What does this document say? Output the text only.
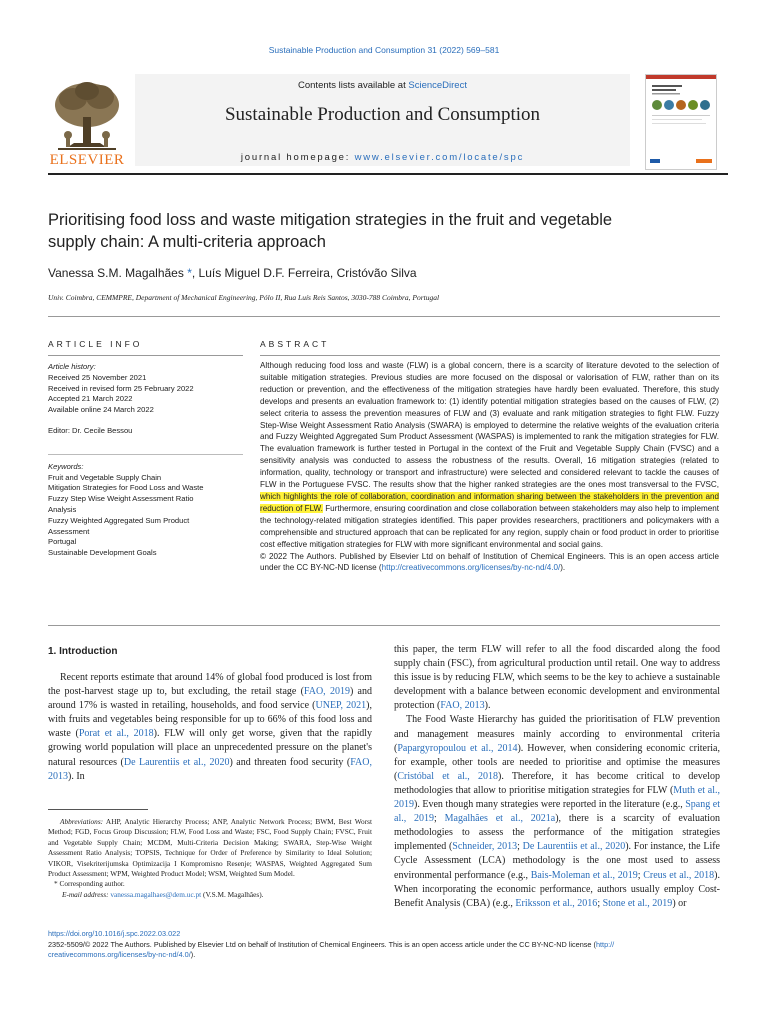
Sustainable Production and Consumption 31 (2022) 569–581
ELSEVIER
Contents lists available at ScienceDirect
Sustainable Production and Consumption
journal homepage: www.elsevier.com/locate/spc
Prioritising food loss and waste mitigation strategies in the fruit and vegetable supply chain: A multi-criteria approach
Vanessa S.M. Magalhães *, Luís Miguel D.F. Ferreira, Cristóvão Silva
Univ. Coimbra, CEMMPRE, Department of Mechanical Engineering, Pólo II, Rua Luís Reis Santos, 3030-788 Coimbra, Portugal
ARTICLE INFO	ABSTRACT
Article history:
Received 25 November 2021
Received in revised form 25 February 2022
Accepted 21 March 2022
Available online 24 March 2022
Editor: Dr. Cecile Bessou
Keywords:
Fruit and Vegetable Supply Chain
Mitigation Strategies for Food Loss and Waste
Fuzzy Step Wise Weight Assessment Ratio Analysis
Fuzzy Weighted Aggregated Sum Product Assessment
Portugal
Sustainable Development Goals
Although reducing food loss and waste (FLW) is a global concern, there is a scarcity of literature devoted to the selection of suitable mitigation strategies. Previous studies are more focused on the disposal or valorisation of FLW, rather than on its reduction or prevention, and the effectiveness of the mitigation strategies have hardly been evaluated. Therefore, this study develops and presents an evaluation framework to: (1) identify potential mitigation strategies based on the causes of FLW, (2) select criteria to assess the prevention measures of FLW and (3) evaluate and rank mitigation strategies to fight FLW. Fuzzy Step-Wise Weight Assessment Ratio Analysis (SWARA) is employed to determine the relative weights of the evaluation criteria and Fuzzy Weighted Aggregated Sum Product Assessment (WASPAS) is implemented to rank the mitigation strategies for FLW. The evaluation framework is further tested in Portugal in the context of the Fruit and Vegetable Supply Chain (FVSC) and a sensitivity analysis was conducted to assess the robustness of the results. Overall, 16 mitigation strategies (related to information, quality, technology or transport and infrastructure) were selected and considered relevant to tackle the causes of FLW in the Portuguese FVSC. The results show that the higher ranked strategies are the ones most transversal to the FVSC, which highlights the role of collaboration, coordination and information sharing between the stakeholders in the prevention and reduction of FLW. Furthermore, ensuring coordination and close collaboration between stakeholders may also help to implement the technology-related mitigation strategies identified. This paper provides researchers, practitioners and policymakers with a comprehensible and structured approach that can be replicated for any region, supply chain or food product in order to prioritise cost effective mitigation strategies for FLW with more significant environmental and social gains.
© 2022 The Authors. Published by Elsevier Ltd on behalf of Institution of Chemical Engineers. This is an open access article under the CC BY-NC-ND license (http://creativecommons.org/licenses/by-nc-nd/4.0/).
1. Introduction

Recent reports estimate that around 14% of global food produced is lost from the post-harvest stage up to, but excluding, the retail stage (FAO, 2019) and around 17% is wasted in retailing, households, and food service (UNEP, 2021), with fruits and vegetables being responsible for up to 66% of this food loss and waste (Porat et al., 2018). FLW will only get worse, given that the rapidly growing world population will place an unprecedented pressure on the planet's natural resources (De Laurentiis et al., 2020) and threaten food security (FAO, 2013). In

this paper, the term FLW will refer to all the food discarded along the food supply chain (FSC), from agricultural production until retail. One way to address this issue is by reducing FLW, which seems to be the key to achieve a sustainable development with a balance between economic development and environmental protection (FAO, 2013).

The Food Waste Hierarchy has guided the prioritisation of FLW prevention and management measures mainly according to environmental criteria (Papargyropoulou et al., 2014). However, when considering economic criteria, for example, other tools are needed to prioritise and optimise the measures (Cristóbal et al., 2018). Therefore, it has become critical to develop methodologies that allow to prioritise mitigation strategies for FLW (Muth et al., 2019). Even though many strategies were reported in the literature (e.g., Spang et al., 2019; Magalhães et al., 2021a), there is a scarcity of evaluation methodologies to assess the performance of the mitigation strategies implemented (Schneider, 2013; De Laurentiis et al., 2020). For instance, the Life Cycle Assessment (LCA) methodology is the one most used to assess environmental performance (e.g., Bais-Moleman et al., 2019; Creus et al., 2018). When incorporating the economic performance, authors usually employ Cost-Benefit Analysis (CBA) (e.g., Eriksson et al., 2016; Stone et al., 2019) or

Abbreviations: AHP, Analytic Hierarchy Process; ANP, Analytic Network Process; BWM, Best Worst Method; FGD, Focus Group Discussion; FLW, Food Loss and Waste; FSC, Food Supply Chain; FVSC, Fruit and Vegetable Supply Chain; MCDM, Multi-Criteria Decision Making; SWARA, Step-Wise Weight Assessment Ratio Analysis; TOPSIS, Technique for Order of Preference by Similarity to Ideal Solution; VIKOR, Visekriterijumska Optimizacija I Kompromisno Resenje; WASPAS, Weighted Aggregated Sum Product Assessment; WPM, Weighted Product Model; WSM, Weighted Sum Model.
* Corresponding author.
E-mail address: vanessa.magalhaes@dem.uc.pt (V.S.M. Magalhães).
https://doi.org/10.1016/j.spc.2022.03.022
2352-5509/© 2022 The Authors. Published by Elsevier Ltd on behalf of Institution of Chemical Engineers. This is an open access article under the CC BY-NC-ND license (http://
creativecommons.org/licenses/by-nc-nd/4.0/).
